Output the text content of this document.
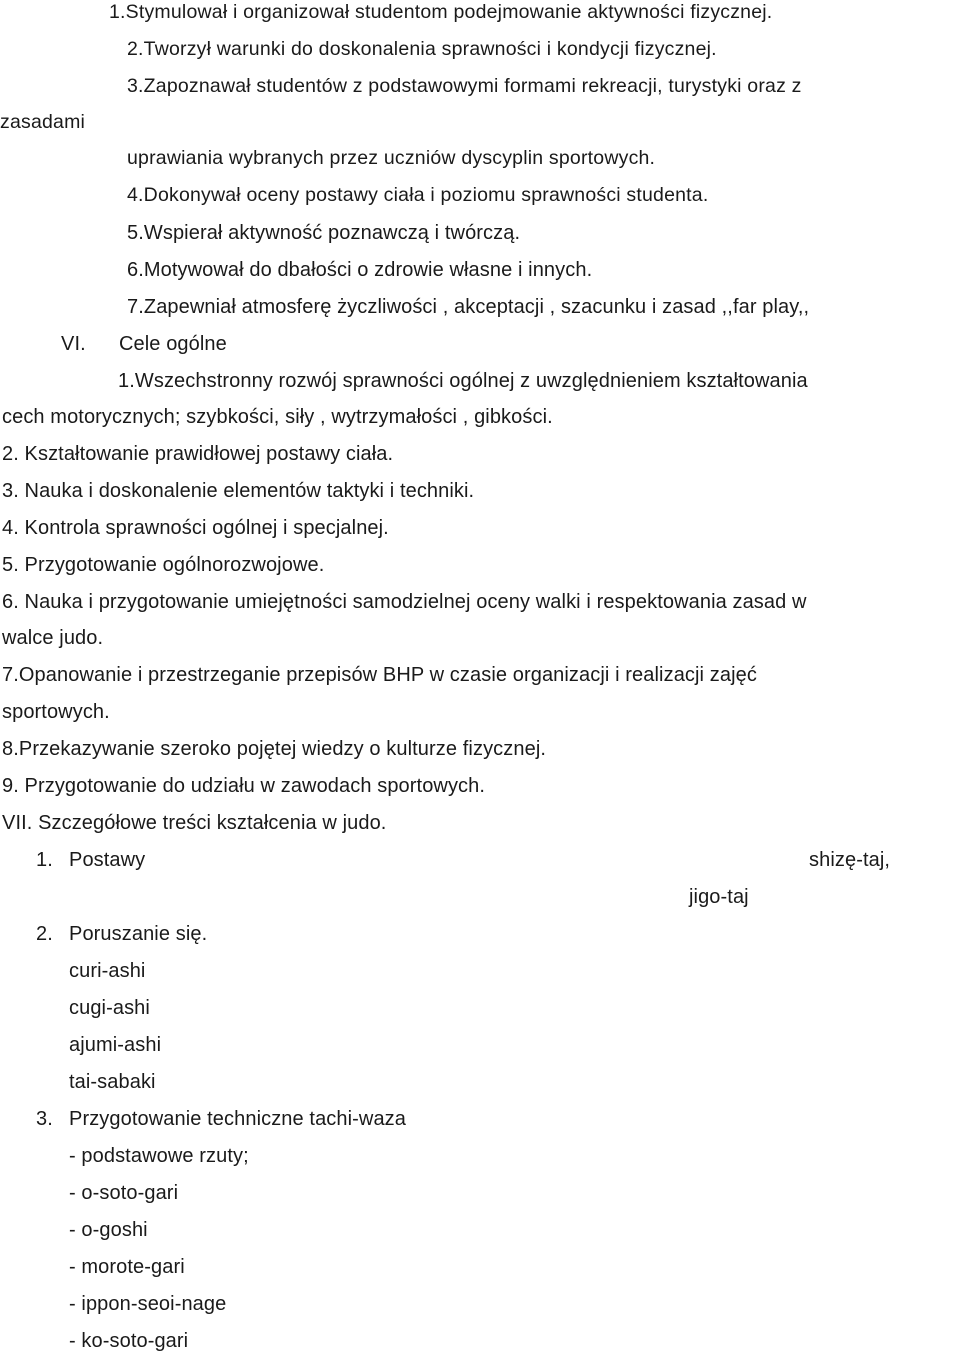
1.Stymulował i organizował studentom podejmowanie aktywności fizycznej.
2.Tworzył warunki do doskonalenia sprawności i kondycji fizycznej.
3.Zapoznawał studentów z podstawowymi formami rekreacji, turystyki oraz z
zasadami
uprawiania wybranych przez uczniów dyscyplin sportowych.
4.Dokonywał oceny postawy ciała i poziomu sprawności studenta.
5.Wspierał aktywność poznawczą i twórczą.
6.Motywował do dbałości o zdrowie własne i innych.
7.Zapewniał atmosferę życzliwości , akceptacji , szacunku i zasad ,,far play,,
VI. Cele ogólne
1.Wszechstronny rozwój sprawności ogólnej z uwzględnieniem kształtowania
cech motorycznych; szybkości, siły , wytrzymałości , gibkości.
2. Kształtowanie prawidłowej postawy ciała.
3. Nauka i doskonalenie elementów taktyki i techniki.
4. Kontrola sprawności ogólnej i specjalnej.
5. Przygotowanie ogólnorozwojowe.
6. Nauka i przygotowanie umiejętności samodzielnej oceny walki i respektowania zasad w
walce judo.
7.Opanowanie i przestrzeganie przepisów BHP w czasie organizacji i realizacji zajęć
sportowych.
8.Przekazywanie szeroko pojętej wiedzy o kulturze fizycznej.
9. Przygotowanie do udziału w zawodach sportowych.
VII. Szczegółowe treści kształcenia w judo.
1. Postawy	shizę-taj,
jigo-taj
2. Poruszanie się.
curi-ashi
cugi-ashi
ajumi-ashi
tai-sabaki
3. Przygotowanie techniczne tachi-waza
- podstawowe rzuty;
- o-soto-gari
- o-goshi
- morote-gari
- ippon-seoi-nage
- ko-soto-gari
